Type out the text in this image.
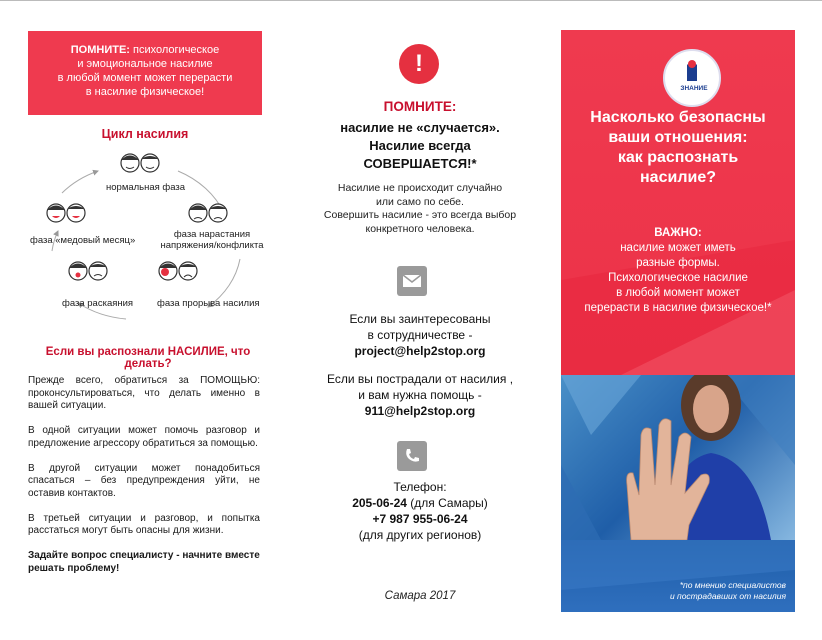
ПОМНИТЕ: психологическое
и эмоциональное насилие
в любой момент может перерасти
в насилие физическое!
Цикл насилия
нормальная фаза
фаза «медовый месяц»
фаза нарастания
напряжения/конфликта
фаза раскаяния	фаза прорыва насилия
Если вы распознали НАСИЛИЕ, что делать?

Прежде всего, обратиться за ПОМОЩЬЮ: проконсультироваться, что делать именно в вашей ситуации.

В одной ситуации может помочь разговор и предложение агрессору обратиться за помощью.

В другой ситуации может понадобиться спасаться – без предупреждения уйти, не оставив контактов.

В третьей ситуации и разговор, и попытка расстаться могут быть опасны для жизни.

Задайте вопрос специалисту - начните вместе решать проблему!

!
ПОМНИТЕ:
насилие не «случается».
Насилие всегда
СОВЕРШАЕТСЯ!*
Насилие не происходит случайно
или само по себе.
Совершить насилие - это всегда выбор
конкретного человека.
Если вы заинтересованы
в сотрудничестве -
project@help2stop.org

Если вы пострадали от насилия ,
и вам нужна помощь -
911@help2stop.org
Телефон:
205-06-24 (для Самары)
+7 987 955-06-24
(для других регионов)
Самара 2017
ЗНАНИЕ
Насколько безопасны
ваши отношения:
как распознать
насилие?
ВАЖНО:
насилие может иметь
разные формы.
Психологическое насилие
в любой момент может
перерасти в насилие физическое!*
*по мнению специалистов
и пострадавших от насилия
